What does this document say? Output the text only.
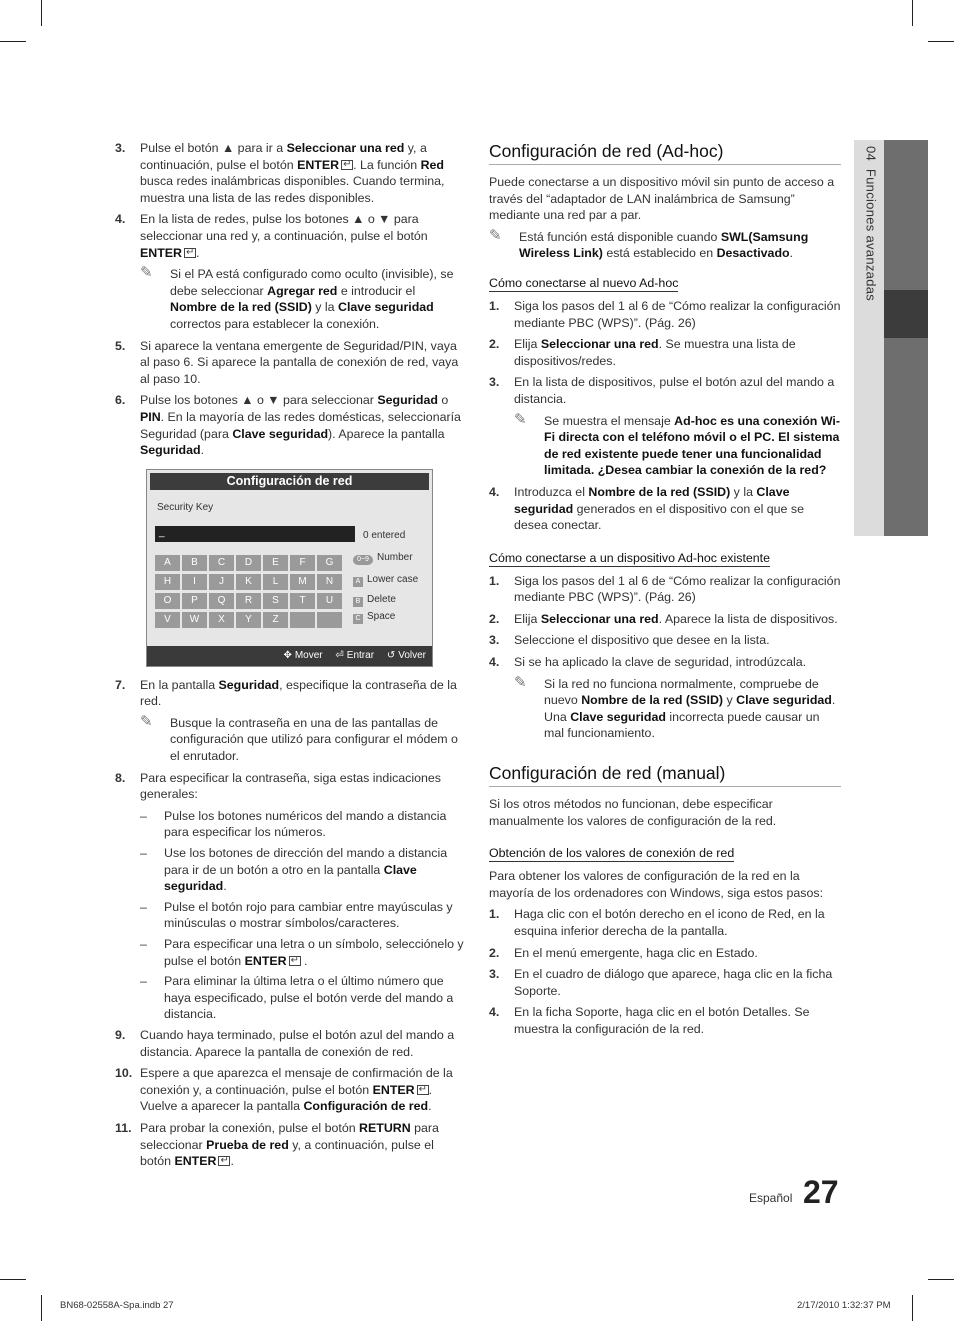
04  Funciones avanzadas
3. Pulse el botón ▲ para ir a Seleccionar una red y, a continuación, pulse el botón ENTER ↵ . La función Red busca redes inalámbricas disponibles. Cuando termina, muestra una lista de las redes disponibles.
4. En la lista de redes, pulse los botones ▲ o ▼ para seleccionar una red y, a continuación, pulse el botón ENTER ↵ .
✎ Si el PA está configurado como oculto (invisible), se debe seleccionar Agregar red e introducir el Nombre de la red (SSID) y la Clave seguridad correctos para establecer la conexión.
5. Si aparece la ventana emergente de Seguridad/PIN, vaya al paso 6. Si aparece la pantalla de conexión de red, vaya al paso 10.
6. Pulse los botones ▲ o ▼ para seleccionar Seguridad o PIN. En la mayoría de las redes domésticas, seleccionaría Seguridad (para Clave seguridad). Aparece la pantalla Seguridad.
Configuración de red
Security Key
_	0 entered
A	B	C	D	E	F	G
H	I	J	K	L	M	N
O	P	Q	R	S	T	U
V	W	X	Y	Z
0~9 Number
A Lower case
B Delete
C Space
✥ Mover ⏎ Entrar ↺ Volver
7. En la pantalla Seguridad, especifique la contraseña de la red.
✎ Busque la contraseña en una de las pantallas de configuración que utilizó para configurar el módem o el enrutador.
8. Para especificar la contraseña, siga estas indicaciones generales:
– Pulse los botones numéricos del mando a distancia para especificar los números.
– Use los botones de dirección del mando a distancia para ir de un botón a otro en la pantalla Clave seguridad.
– Pulse el botón rojo para cambiar entre mayúsculas y minúsculas o mostrar símbolos/caracteres.
– Para especificar una letra o un símbolo, selecciónelo y pulse el botón ENTER↵ .
– Para eliminar la última letra o el último número que haya especificado, pulse el botón verde del mando a distancia.
9. Cuando haya terminado, pulse el botón azul del mando a distancia. Aparece la pantalla de conexión de red.
10. Espere a que aparezca el mensaje de confirmación de la conexión y, a continuación, pulse el botón ENTER ↵ . Vuelve a aparecer la pantalla Configuración de red.
11. Para probar la conexión, pulse el botón RETURN para seleccionar Prueba de red y, a continuación, pulse el botón ENTER ↵ .
Configuración de red (Ad-hoc)
Puede conectarse a un dispositivo móvil sin punto de acceso a través del “adaptador de LAN inalámbrica de Samsung” mediante una red par a par.
✎ Está función está disponible cuando SWL(Samsung Wireless Link) está establecido en Desactivado.
Cómo conectarse al nuevo Ad-hoc
1. Siga los pasos del 1 al 6 de “Cómo realizar la configuración mediante PBC (WPS)”. (Pág. 26)
2. Elija Seleccionar una red. Se muestra una lista de dispositivos/redes.
3. En la lista de dispositivos, pulse el botón azul del mando a distancia.
✎ Se muestra el mensaje Ad-hoc es una conexión Wi-Fi directa con el teléfono móvil o el PC. El sistema de red existente puede tener una funcionalidad limitada. ¿Desea cambiar la conexión de la red?
4. Introduzca el Nombre de la red (SSID) y la Clave seguridad generados en el dispositivo con el que se desea conectar.
Cómo conectarse a un dispositivo Ad-hoc existente
1. Siga los pasos del 1 al 6 de “Cómo realizar la configuración mediante PBC (WPS)”. (Pág. 26)
2. Elija Seleccionar una red. Aparece la lista de dispositivos.
3. Seleccione el dispositivo que desee en la lista.
4. Si se ha aplicado la clave de seguridad, introdúzcala.
✎ Si la red no funciona normalmente, compruebe de nuevo Nombre de la red (SSID) y Clave seguridad. Una Clave seguridad incorrecta puede causar un mal funcionamiento.
Configuración de red (manual)
Si los otros métodos no funcionan, debe especificar manualmente los valores de configuración de la red.
Obtención de los valores de conexión de red
Para obtener los valores de configuración de la red en la mayoría de los ordenadores con Windows, siga estos pasos:
1. Haga clic con el botón derecho en el icono de Red, en la esquina inferior derecha de la pantalla.
2. En el menú emergente, haga clic en Estado.
3. En el cuadro de diálogo que aparece, haga clic en la ficha Soporte.
4. En la ficha Soporte, haga clic en el botón Detalles. Se muestra la configuración de la red.
Español 27
BN68-02558A-Spa.indb 27	2/17/2010 1:32:37 PM
